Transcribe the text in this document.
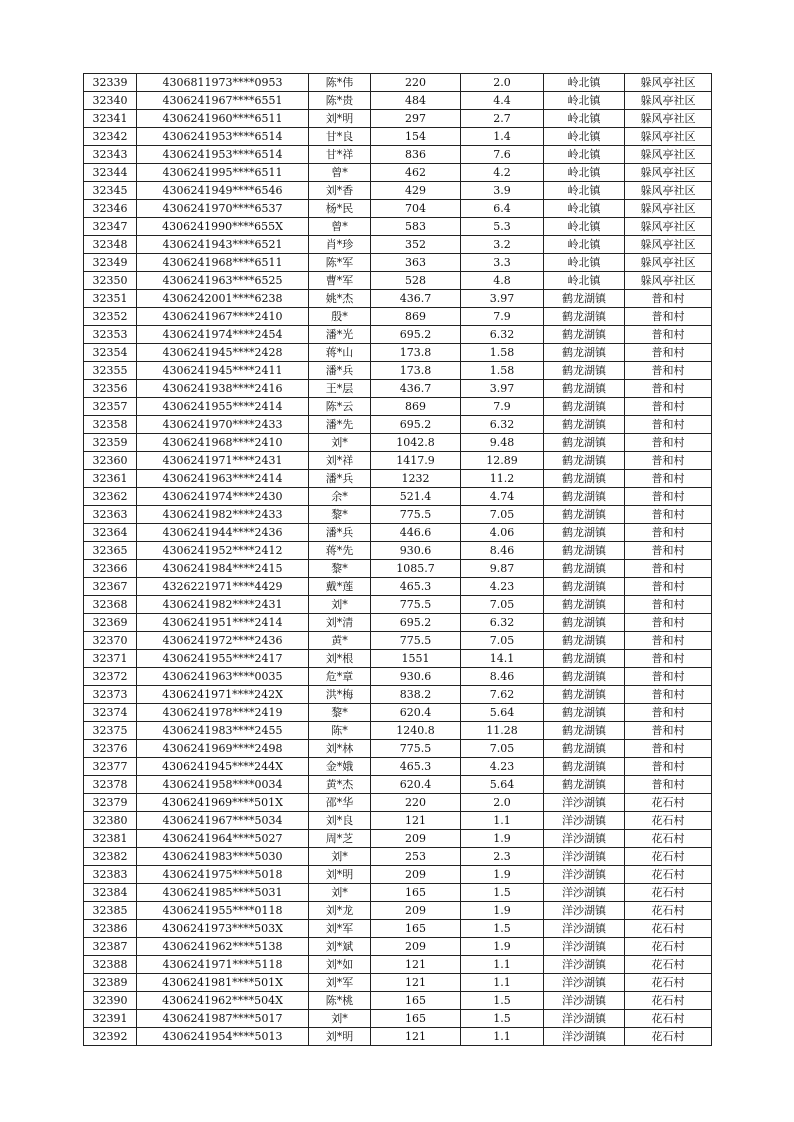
32339	4306811973****0953	陈*伟	220	2.0	岭北镇	躲风亭社区
32340	4306241967****6551	陈*贵	484	4.4	岭北镇	躲风亭社区
32341	4306241960****6511	刘*明	297	2.7	岭北镇	躲风亭社区
32342	4306241953****6514	甘*良	154	1.4	岭北镇	躲风亭社区
32343	4306241953****6514	甘*祥	836	7.6	岭北镇	躲风亭社区
32344	4306241995****6511	曾*	462	4.2	岭北镇	躲风亭社区
32345	4306241949****6546	刘*香	429	3.9	岭北镇	躲风亭社区
32346	4306241970****6537	杨*民	704	6.4	岭北镇	躲风亭社区
32347	4306241990****655X	曾*	583	5.3	岭北镇	躲风亭社区
32348	4306241943****6521	肖*珍	352	3.2	岭北镇	躲风亭社区
32349	4306241968****6511	陈*军	363	3.3	岭北镇	躲风亭社区
32350	4306241963****6525	曹*军	528	4.8	岭北镇	躲风亭社区
32351	4306242001****6238	姚*杰	436.7	3.97	鹤龙湖镇	普和村
32352	4306241967****2410	殷*	869	7.9	鹤龙湖镇	普和村
32353	4306241974****2454	潘*光	695.2	6.32	鹤龙湖镇	普和村
32354	4306241945****2428	蒋*山	173.8	1.58	鹤龙湖镇	普和村
32355	4306241945****2411	潘*兵	173.8	1.58	鹤龙湖镇	普和村
32356	4306241938****2416	王*层	436.7	3.97	鹤龙湖镇	普和村
32357	4306241955****2414	陈*云	869	7.9	鹤龙湖镇	普和村
32358	4306241970****2433	潘*先	695.2	6.32	鹤龙湖镇	普和村
32359	4306241968****2410	刘*	1042.8	9.48	鹤龙湖镇	普和村
32360	4306241971****2431	刘*祥	1417.9	12.89	鹤龙湖镇	普和村
32361	4306241963****2414	潘*兵	1232	11.2	鹤龙湖镇	普和村
32362	4306241974****2430	余*	521.4	4.74	鹤龙湖镇	普和村
32363	4306241982****2433	黎*	775.5	7.05	鹤龙湖镇	普和村
32364	4306241944****2436	潘*兵	446.6	4.06	鹤龙湖镇	普和村
32365	4306241952****2412	蒋*先	930.6	8.46	鹤龙湖镇	普和村
32366	4306241984****2415	黎*	1085.7	9.87	鹤龙湖镇	普和村
32367	4326221971****4429	戴*莲	465.3	4.23	鹤龙湖镇	普和村
32368	4306241982****2431	刘*	775.5	7.05	鹤龙湖镇	普和村
32369	4306241951****2414	刘*清	695.2	6.32	鹤龙湖镇	普和村
32370	4306241972****2436	黄*	775.5	7.05	鹤龙湖镇	普和村
32371	4306241955****2417	刘*根	1551	14.1	鹤龙湖镇	普和村
32372	4306241963****0035	危*章	930.6	8.46	鹤龙湖镇	普和村
32373	4306241971****242X	洪*梅	838.2	7.62	鹤龙湖镇	普和村
32374	4306241978****2419	黎*	620.4	5.64	鹤龙湖镇	普和村
32375	4306241983****2455	陈*	1240.8	11.28	鹤龙湖镇	普和村
32376	4306241969****2498	刘*林	775.5	7.05	鹤龙湖镇	普和村
32377	4306241945****244X	金*娥	465.3	4.23	鹤龙湖镇	普和村
32378	4306241958****0034	黄*杰	620.4	5.64	鹤龙湖镇	普和村
32379	4306241969****501X	邵*华	220	2.0	洋沙湖镇	花石村
32380	4306241967****5034	刘*良	121	1.1	洋沙湖镇	花石村
32381	4306241964****5027	周*芝	209	1.9	洋沙湖镇	花石村
32382	4306241983****5030	刘*	253	2.3	洋沙湖镇	花石村
32383	4306241975****5018	刘*明	209	1.9	洋沙湖镇	花石村
32384	4306241985****5031	刘*	165	1.5	洋沙湖镇	花石村
32385	4306241955****0118	刘*龙	209	1.9	洋沙湖镇	花石村
32386	4306241973****503X	刘*军	165	1.5	洋沙湖镇	花石村
32387	4306241962****5138	刘*斌	209	1.9	洋沙湖镇	花石村
32388	4306241971****5118	刘*如	121	1.1	洋沙湖镇	花石村
32389	4306241981****501X	刘*军	121	1.1	洋沙湖镇	花石村
32390	4306241962****504X	陈*桃	165	1.5	洋沙湖镇	花石村
32391	4306241987****5017	刘*	165	1.5	洋沙湖镇	花石村
32392	4306241954****5013	刘*明	121	1.1	洋沙湖镇	花石村
